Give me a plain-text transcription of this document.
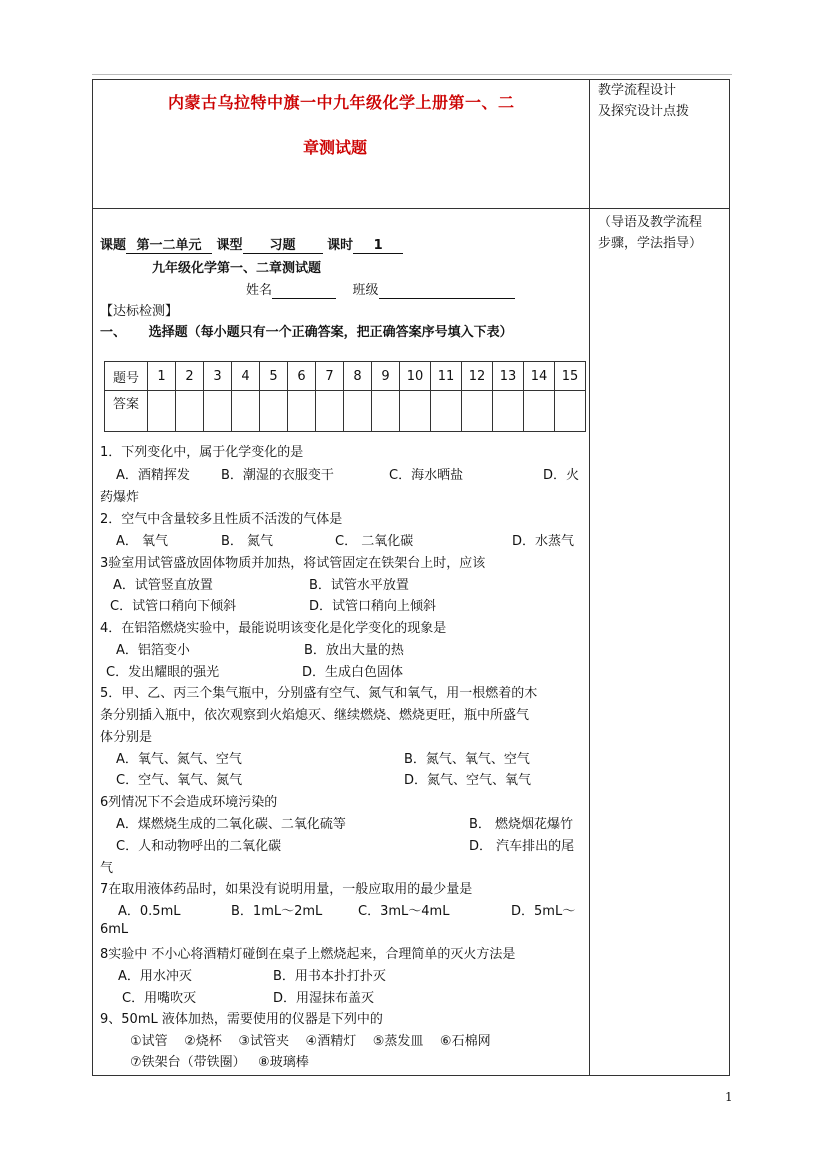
内蒙古乌拉特中旗一中九年级化学上册第一、二
章测试题
教学流程设计
及探究设计点拨
（导语及教学流程
步骤，学法指导）
课题 第一二单元 课型 习题 课时 1
九年级化学第一、二章测试题
姓名	班级
【达标检测】
一、 选择题（每小题只有一个正确答案，把正确答案序号填入下表）
题号	1	2	3	4	5	6	7	8	9	10	11	12	13	14	15
答案															
1．下列变化中，属于化学变化的是
A．酒精挥发 B．潮湿的衣服变干	C．海水晒盐	D．火
药爆炸
2．空气中含量较多且性质不活泼的气体是
A． 氧气	B． 氮气	C． 二氧化碳	D．水蒸气
3验室用试管盛放固体物质并加热，将试管固定在铁架台上时，应该
A．试管竖直放置	B．试管水平放置
C．试管口稍向下倾斜	D．试管口稍向上倾斜
4．在铝箔燃烧实验中，最能说明该变化是化学变化的现象是
A．铝箔变小	B．放出大量的热
C．发出耀眼的强光	D．生成白色固体
5．甲、乙、丙三个集气瓶中，分别盛有空气、氮气和氧气，用一根燃着的木
条分别插入瓶中，依次观察到火焰熄灭、继续燃烧、燃烧更旺，瓶中所盛气
体分别是
A．氧气、氮气、空气	B．氮气、氧气、空气
C．空气、氧气、氮气	D．氮气、空气、氧气
6列情况下不会造成环境污染的
A．煤燃烧生成的二氧化碳、二氧化硫等	B． 燃烧烟花爆竹
C．人和动物呼出的二氧化碳	D． 汽车排出的尾
气
7在取用液体药品时，如果没有说明用量，一般应取用的最少量是
A．0.5mL	B．1mL～2mL	C．3mL～4mL	D．5mL～
6mL
8实验中 不小心将酒精灯碰倒在桌子上燃烧起来，合理简单的灭火方法是
A．用水冲灭	B．用书本扑打扑灭
C．用嘴吹灭	D．用湿抹布盖灭
9、50mL 液体加热，需要使用的仪器是下列中的
①试管    ②烧杯    ③试管夹    ④酒精灯    ⑤蒸发皿    ⑥石棉网
⑦铁架台（带铁圈）   ⑧玻璃棒
1
